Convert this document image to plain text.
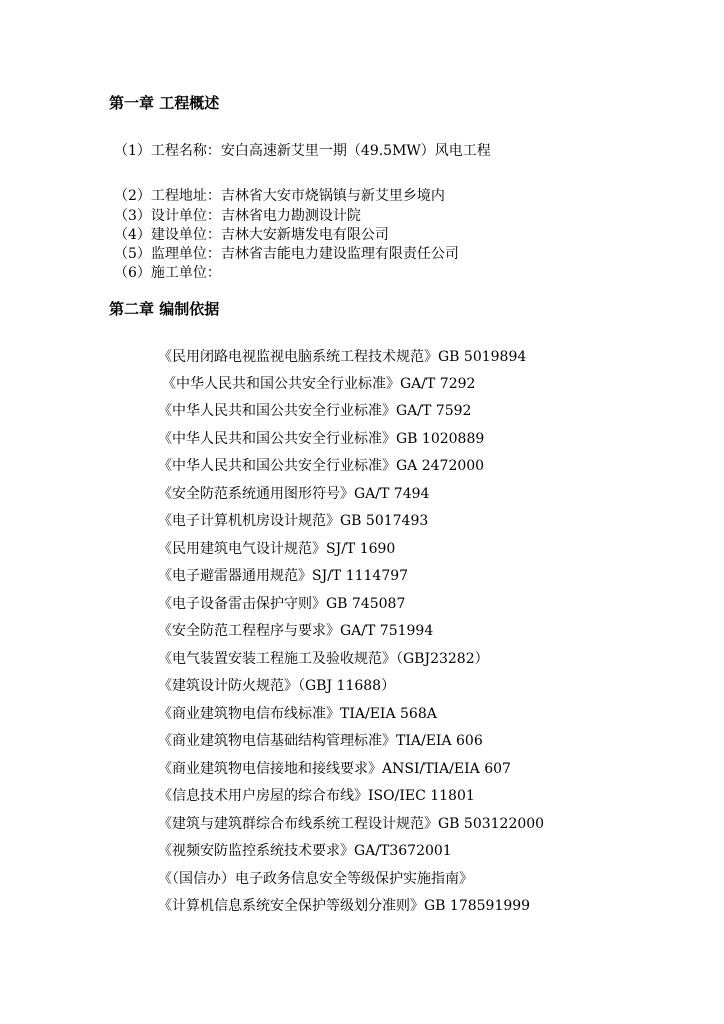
第一章 工程概述
（1）工程名称：安白高速新艾里一期（49.5MW）风电工程
（2）工程地址：吉林省大安市烧锅镇与新艾里乡境内
（3）设计单位：吉林省电力勘测设计院
（4）建设单位：吉林大安新塘发电有限公司
（5）监理单位：吉林省吉能电力建设监理有限责任公司
（6）施工单位：
第二章 编制依据
《民用闭路电视监视电脑系统工程技术规范》GB 5019894
《中华人民共和国公共安全行业标准》GA/T 7292
《中华人民共和国公共安全行业标准》GA/T 7592
《中华人民共和国公共安全行业标准》GB 1020889
《中华人民共和国公共安全行业标准》GA 2472000
《安全防范系统通用图形符号》GA/T 7494
《电子计算机机房设计规范》GB 5017493
《民用建筑电气设计规范》SJ/T 1690
《电子避雷器通用规范》SJ/T 1114797
《电子设备雷击保护守则》GB 745087
《安全防范工程程序与要求》GA/T 751994
《电气装置安装工程施工及验收规范》（GBJ23282）
《建筑设计防火规范》（GBJ 11688）
《商业建筑物电信布线标准》TIA/EIA 568A
《商业建筑物电信基础结构管理标准》TIA/EIA 606
《商业建筑物电信接地和接线要求》ANSI/TIA/EIA 607
《信息技术用户房屋的综合布线》ISO/IEC 11801
《建筑与建筑群综合布线系统工程设计规范》GB 503122000
《视频安防监控系统技术要求》GA/T3672001
《（国信办）电子政务信息安全等级保护实施指南》
《计算机信息系统安全保护等级划分准则》GB 178591999
